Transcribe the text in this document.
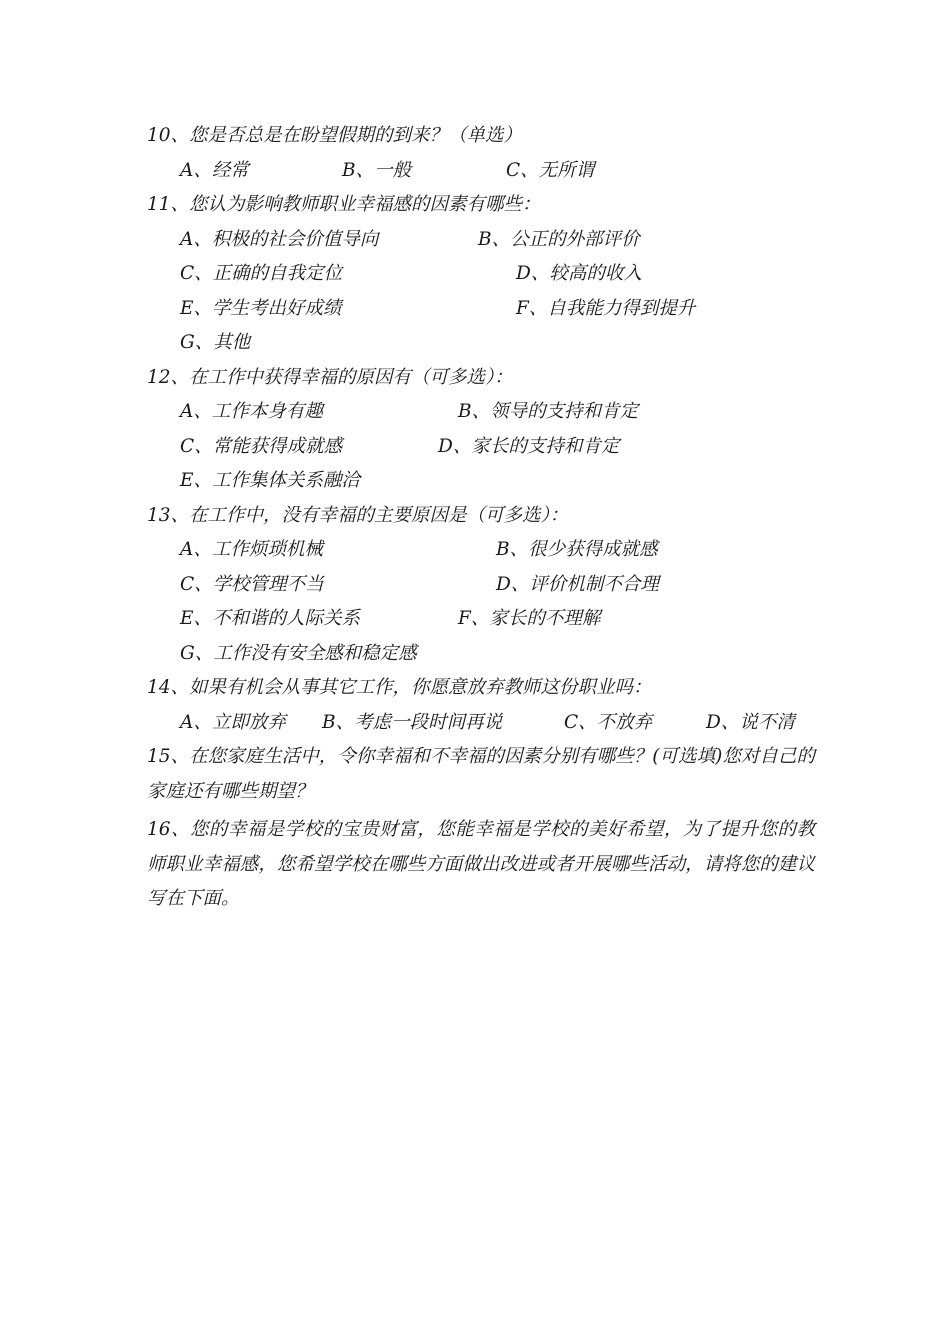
10、您是否总是在盼望假期的到来？（单选）
A、经常	B、一般	C、无所谓
11、您认为影响教师职业幸福感的因素有哪些：
A、积极的社会价值导向	B、公正的外部评价
C、正确的自我定位	D、较高的收入
E、学生考出好成绩	F、自我能力得到提升
G、其他
12、在工作中获得幸福的原因有（可多选）：
A、工作本身有趣	B、领导的支持和肯定
C、常能获得成就感	D、家长的支持和肯定
E、工作集体关系融洽
13、在工作中，没有幸福的主要原因是（可多选）：
A、工作烦琐机械	B、很少获得成就感
C、学校管理不当	D、评价机制不合理
E、不和谐的人际关系	F、家长的不理解
G、工作没有安全感和稳定感
14、如果有机会从事其它工作，你愿意放弃教师这份职业吗：
A、立即放弃 B、考虑一段时间再说	C、不放弃	D、说不清
15、在您家庭生活中，令你幸福和不幸福的因素分别有哪些？(可选填)您对自己的家庭还有哪些期望？
16、您的幸福是学校的宝贵财富，您能幸福是学校的美好希望，为了提升您的教师职业幸福感，您希望学校在哪些方面做出改进或者开展哪些活动，请将您的建议写在下面。
